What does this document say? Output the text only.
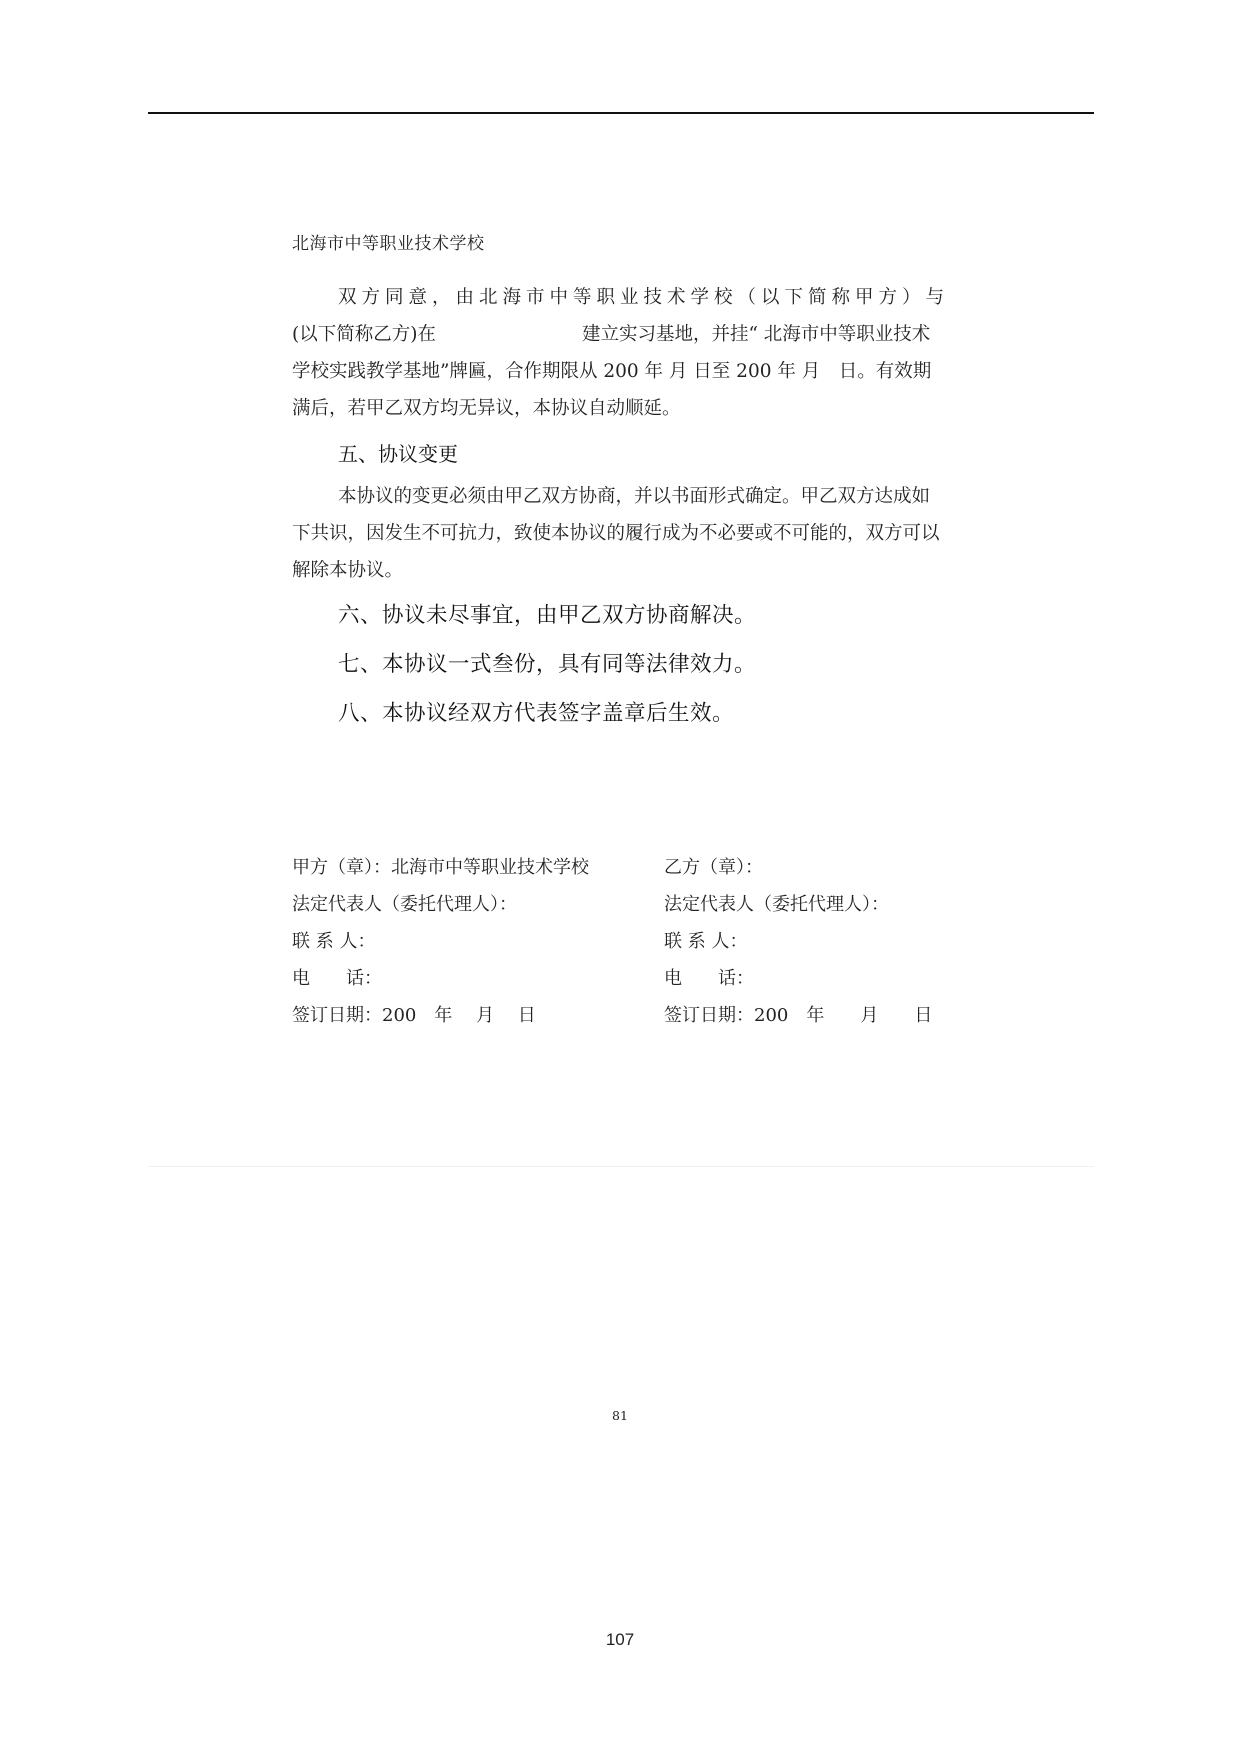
北海市中等职业技术学校

双方同意，由北海市中等职业技术学校（以下简称甲方）与

(以下简称乙方)在	建立实习基地，并挂“ 北海市中等职业技术

学校实践教学基地”牌匾，合作期限从 200 年 月 日至 200 年 月　日。有效期

满后，若甲乙双方均无异议，本协议自动顺延。

五、协议变更

本协议的变更必须由甲乙双方协商，并以书面形式确定。甲乙双方达成如

下共识，因发生不可抗力，致使本协议的履行成为不必要或不可能的，双方可以

解除本协议。

六、协议未尽事宜，由甲乙双方协商解决。
七、本协议一式叁份，具有同等法律效力。
八、本协议经双方代表签字盖章后生效。
甲方（章）：北海市中等职业技术学校
法定代表人（委托代理人）：
联 系 人：
电　　话：
签订日期：200　年　 月　 日
乙方（章）：
法定代表人（委托代理人）：
联 系 人：
电　　话：
签订日期：200　年　　月　　日
81
107
